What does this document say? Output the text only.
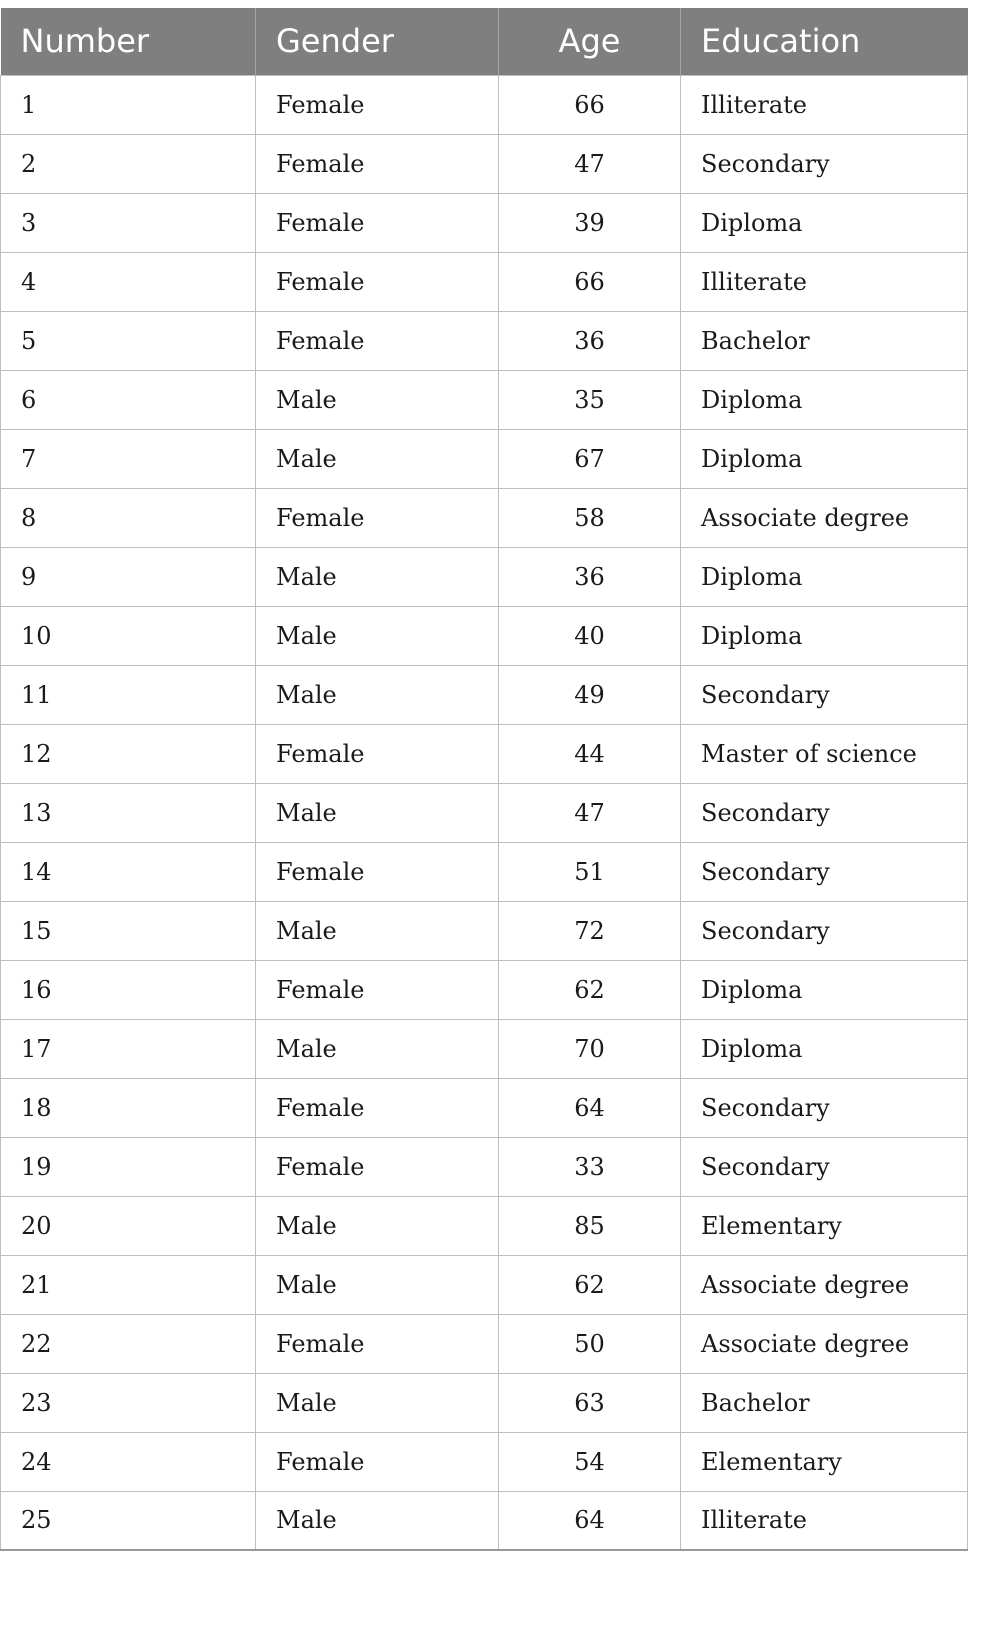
Number	Gender	Age	Education
1	Female	66	Illiterate
2	Female	47	Secondary
3	Female	39	Diploma
4	Female	66	Illiterate
5	Female	36	Bachelor
6	Male	35	Diploma
7	Male	67	Diploma
8	Female	58	Associate degree
9	Male	36	Diploma
10	Male	40	Diploma
11	Male	49	Secondary
12	Female	44	Master of science
13	Male	47	Secondary
14	Female	51	Secondary
15	Male	72	Secondary
16	Female	62	Diploma
17	Male	70	Diploma
18	Female	64	Secondary
19	Female	33	Secondary
20	Male	85	Elementary
21	Male	62	Associate degree
22	Female	50	Associate degree
23	Male	63	Bachelor
24	Female	54	Elementary
25	Male	64	Illiterate
